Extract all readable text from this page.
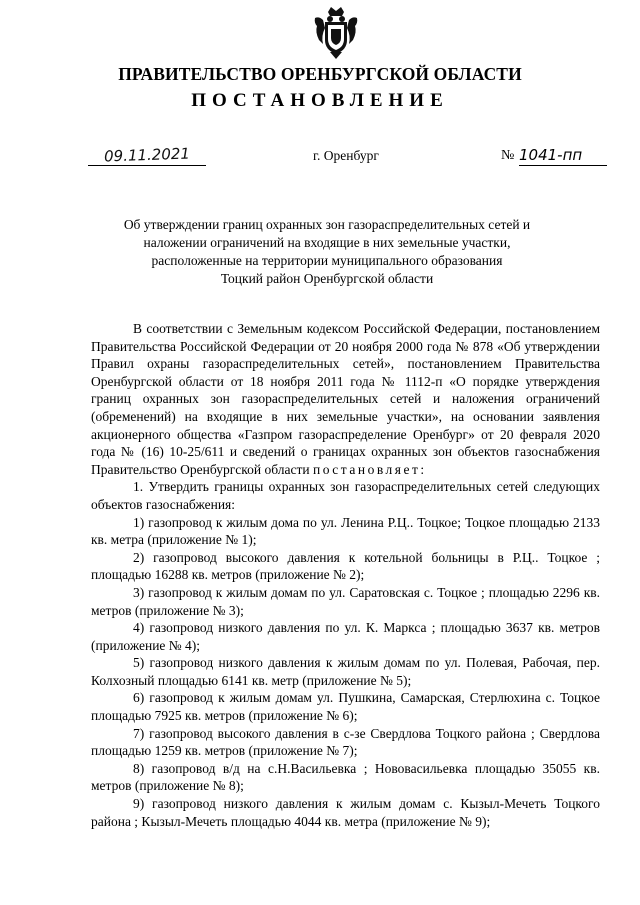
ПРАВИТЕЛЬСТВО ОРЕНБУРГСКОЙ ОБЛАСТИ
ПОСТАНОВЛЕНИЕ
09.11.2021	г. Оренбург	№ 1041-пп
Об утверждении границ охранных зон газораспределительных сетей и
наложении ограничений на входящие в них земельные участки,
расположенные на территории муниципального образования
Тоцкий район Оренбургской области

В соответствии с Земельным кодексом Российской Федерации, постановлением Правительства Российской Федерации от 20 ноября 2000 года № 878 «Об утверждении Правил охраны газораспределительных сетей», постановлением Правительства Оренбургской области от 18 ноября 2011 года № 1112-п «О порядке утверждения границ охранных зон газораспределительных сетей и наложения ограничений (обременений) на входящие в них земельные участки», на основании заявления акционерного общества «Газпром газораспределение Оренбург» от 20 февраля 2020 года № (16) 10-25/611 и сведений о границах охранных зон объектов газоснабжения Правительство Оренбургской области постановляет:

1. Утвердить границы охранных зон газораспределительных сетей следующих объектов газоснабжения:

1) газопровод к жилым дома по ул. Ленина Р.Ц.. Тоцкое; Тоцкое площадью 2133 кв. метра (приложение № 1);

2) газопровод высокого давления к котельной больницы в Р.Ц.. Тоцкое ; площадью 16288 кв. метров (приложение № 2);

3) газопровод к жилым домам по ул. Саратовская с. Тоцкое ; площадью 2296 кв. метров (приложение № 3);

4) газопровод низкого давления по ул. К. Маркса ; площадью 3637 кв. метров (приложение № 4);

5) газопровод низкого давления к жилым домам по ул. Полевая, Рабочая, пер. Колхозный площадью 6141 кв. метр (приложение № 5);

6) газопровод к жилым домам ул. Пушкина, Самарская, Стерлюхина с. Тоцкое площадью 7925 кв. метров (приложение № 6);

7) газопровод высокого давления в с-зе Свердлова Тоцкого района ; Свердлова площадью 1259 кв. метров (приложение № 7);

8) газопровод в/д на с.Н.Васильевка ; Нововасильевка площадью 35055 кв. метров (приложение № 8);

9) газопровод низкого давления к жилым домам с. Кызыл-Мечеть Тоцкого района ; Кызыл-Мечеть площадью 4044 кв. метра (приложение № 9);
